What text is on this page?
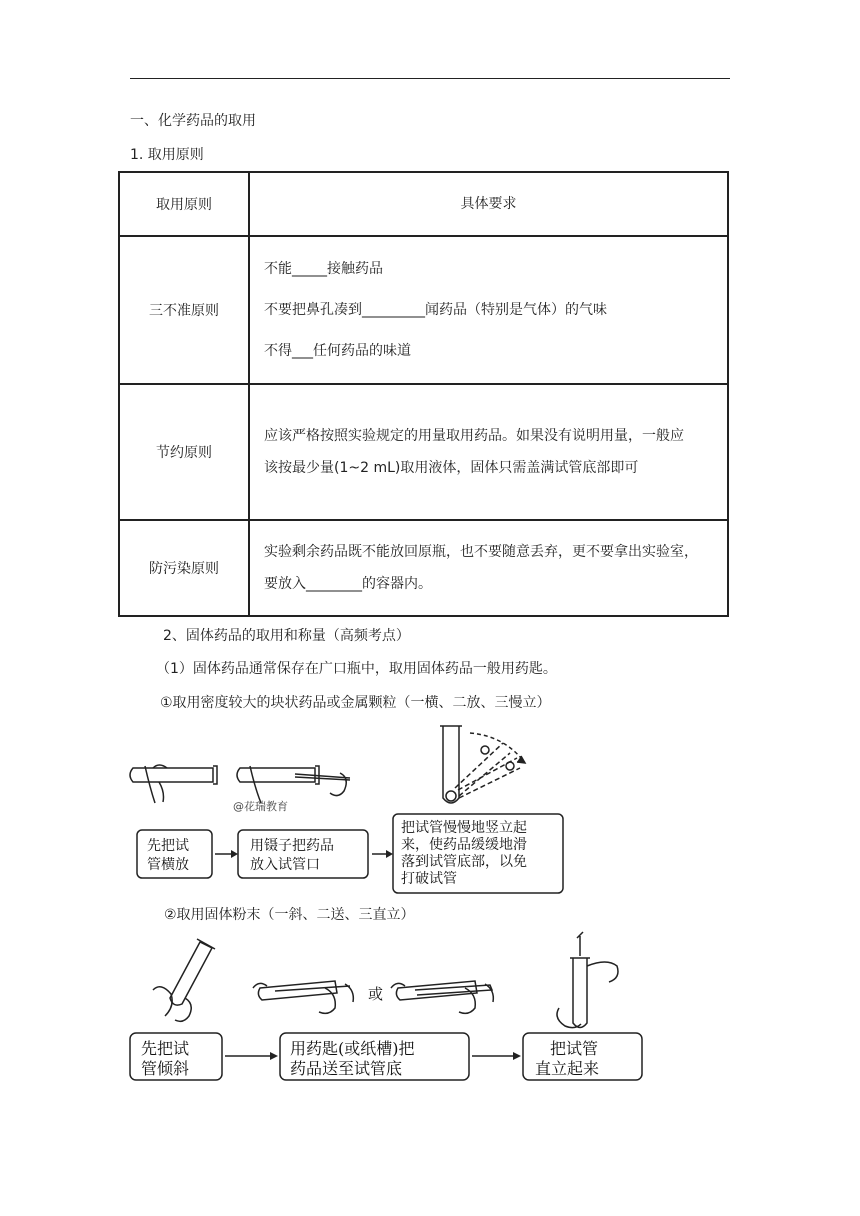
一、化学药品的取用
1. 取用原则
取用原则	具体要求
三不准原则	不能_____接触药品
不要把鼻孔凑到_________闻药品（特别是气体）的气味
不得___任何药品的味道

节约原则	应该严格按照实验规定的用量取用药品。如果没有说明用量，一般应
该按最少量(1~2 mL)取用液体，固体只需盖满试管底部即可

防污染原则	实验剩余药品既不能放回原瓶，也不要随意丢弃，更不要拿出实验室，
要放入________的容器内。
2、固体药品的取用和称量（高频考点）
（1）固体药品通常保存在广口瓶中，取用固体药品一般用药匙。
①取用密度较大的块状药品或金属颗粒（一横、二放、三慢立）
@花瑞教育
先把试
管横放
用镊子把药品
放入试管口
把试管慢慢地竖立起
来，使药品缓缓地滑
落到试管底部，以免
打破试管
②取用固体粉末（一斜、二送、三直立）
或
先把试
管倾斜
用药匙(或纸槽)把
药品送至试管底
把试管
直立起来
